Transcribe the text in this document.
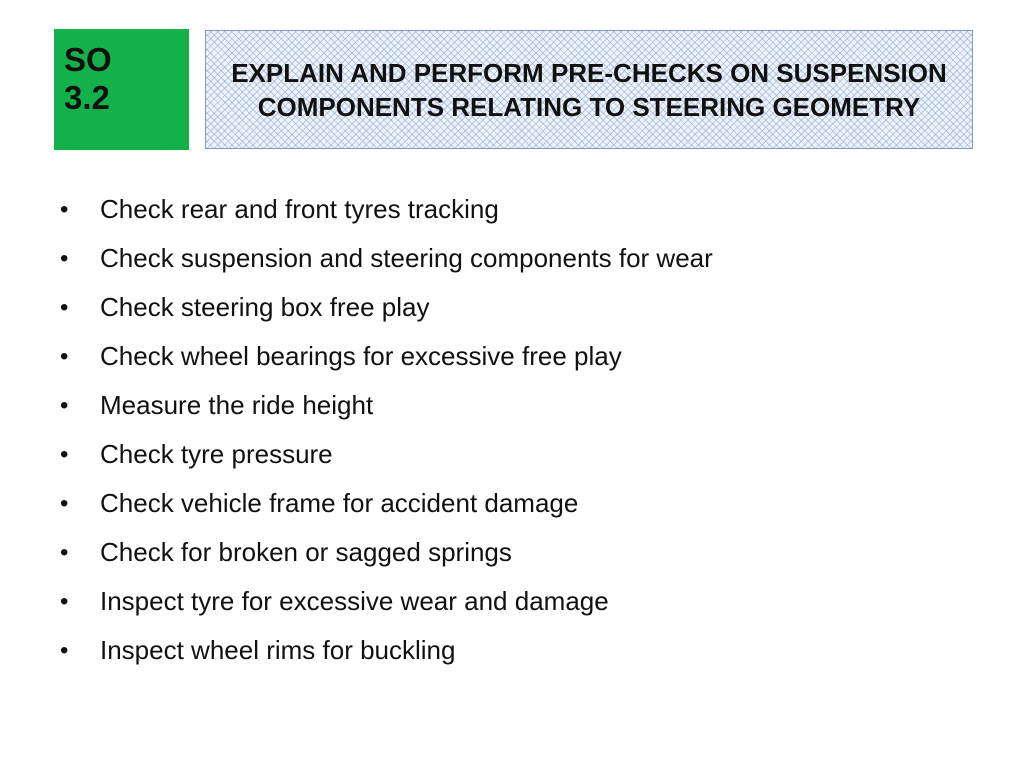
SO
3.2
EXPLAIN AND PERFORM PRE-CHECKS ON SUSPENSION COMPONENTS RELATING TO STEERING GEOMETRY
• Check rear and front tyres tracking
• Check suspension and steering components for wear
• Check steering box free play
• Check wheel bearings for excessive free play
• Measure the ride height
• Check tyre pressure
• Check vehicle frame for accident damage
• Check for broken or sagged springs
• Inspect tyre for excessive wear and damage
• Inspect wheel rims for buckling
